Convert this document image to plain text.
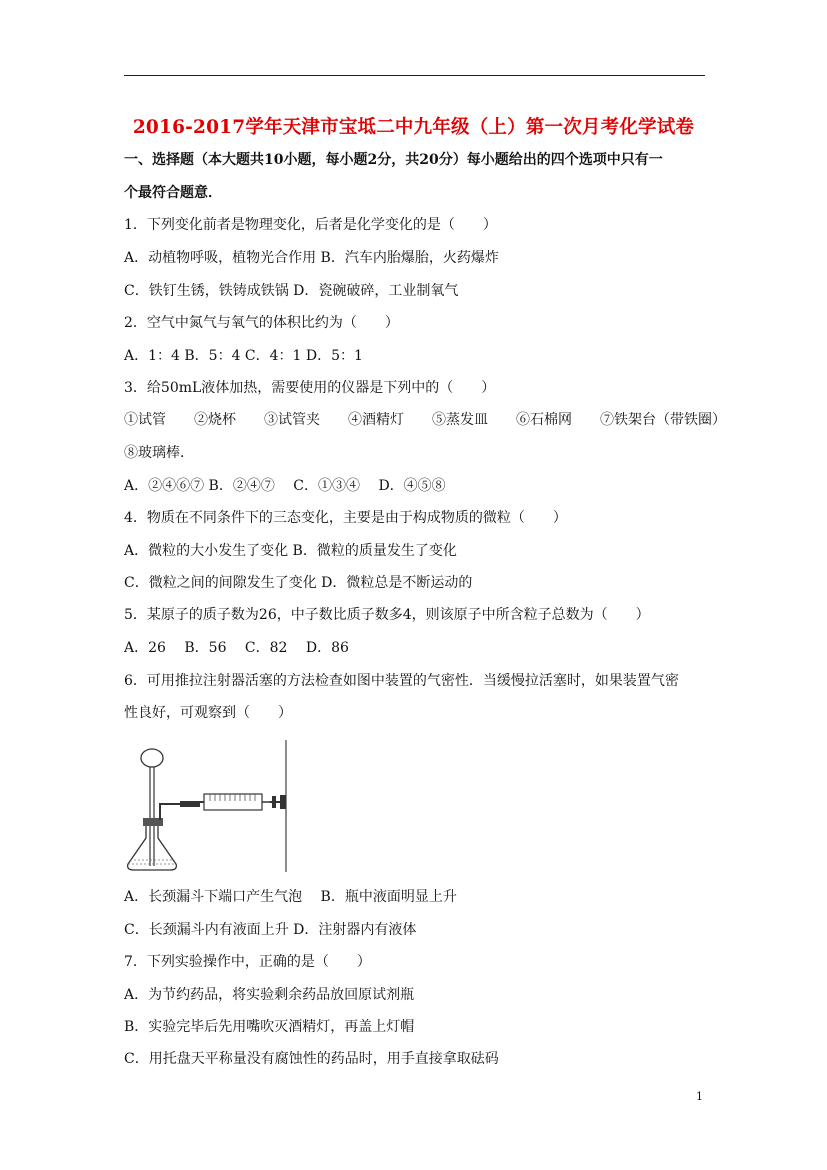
2016-2017学年天津市宝坻二中九年级（上）第一次月考化学试卷
一、选择题（本大题共10小题，每小题2分，共20分）每小题给出的四个选项中只有一
个最符合题意．
1．下列变化前者是物理变化，后者是化学变化的是（　　）
A．动植物呼吸，植物光合作用 B．汽车内胎爆胎，火药爆炸
C．铁钉生锈，铁铸成铁锅 D．瓷碗破碎，工业制氧气
2．空气中氮气与氧气的体积比约为（　　）
A．1：4 B．5：4 C．4：1 D．5：1
3．给50mL液体加热，需要使用的仪器是下列中的（　　）
①试管　　②烧杯　　③试管夹　　④酒精灯　　⑤蒸发皿　　⑥石棉网　　⑦铁架台（带铁圈）
⑧玻璃棒．
A．②④⑥⑦ B．②④⑦　 C．①③④　 D．④⑤⑧
4．物质在不同条件下的三态变化，主要是由于构成物质的微粒（　　）
A．微粒的大小发生了变化 B．微粒的质量发生了变化
C．微粒之间的间隙发生了变化 D．微粒总是不断运动的
5．某原子的质子数为26，中子数比质子数多4，则该原子中所含粒子总数为（　　）
A．26　 B．56　 C．82　 D．86
6．可用推拉注射器活塞的方法检查如图中装置的气密性．当缓慢拉活塞时，如果装置气密
性良好，可观察到（　　）
A．长颈漏斗下端口产生气泡　 B．瓶中液面明显上升
C．长颈漏斗内有液面上升 D．注射器内有液体
7．下列实验操作中，正确的是（　　）
A．为节约药品，将实验剩余药品放回原试剂瓶
B．实验完毕后先用嘴吹灭酒精灯，再盖上灯帽
C．用托盘天平称量没有腐蚀性的药品时，用手直接拿取砝码
1
